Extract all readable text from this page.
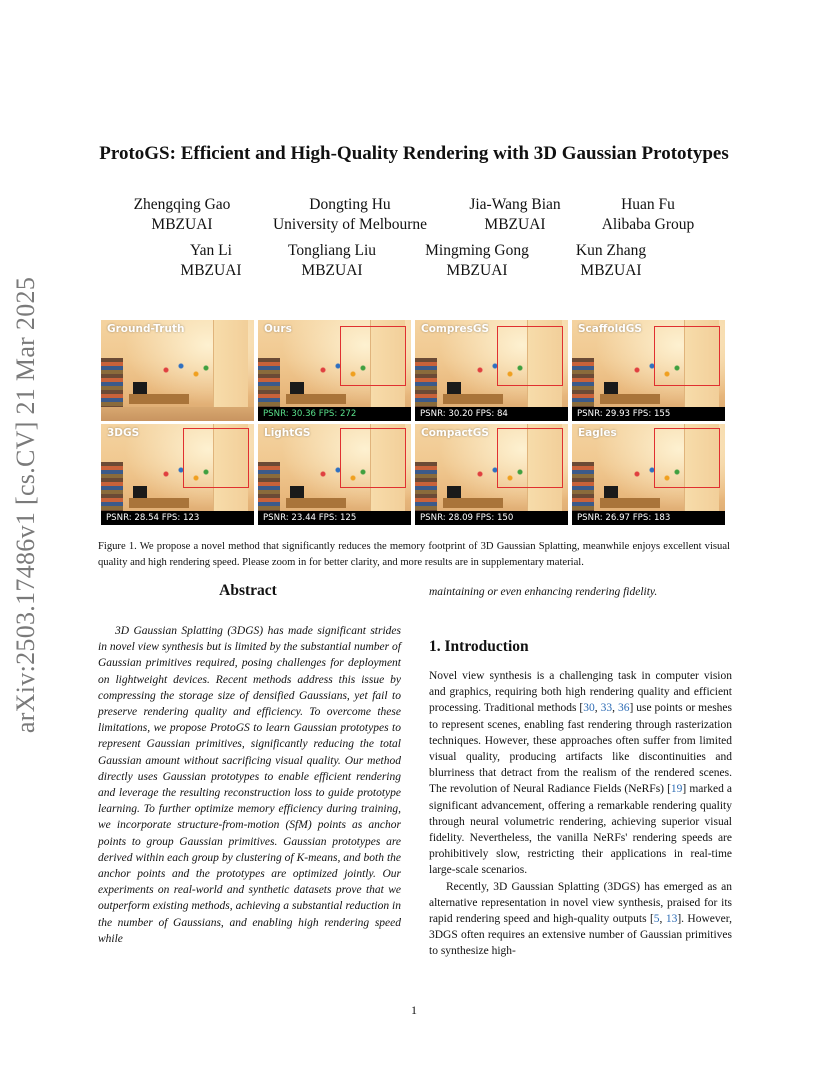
arXiv:2503.17486v1 [cs.CV] 21 Mar 2025
ProtoGS: Efficient and High-Quality Rendering with 3D Gaussian Prototypes
Zhengqing Gao
MBZUAI
Dongting Hu
University of Melbourne
Jia-Wang Bian
MBZUAI
Huan Fu
Alibaba Group
Yan Li
MBZUAI
Tongliang Liu
MBZUAI
Mingming Gong
MBZUAI
Kun Zhang
MBZUAI
Ground-Truth	Ours
PSNR: 30.36 FPS: 272
CompresGS
PSNR: 30.20 FPS: 84
ScaffoldGS
PSNR: 29.93 FPS: 155
3DGS
PSNR: 28.54 FPS: 123
LightGS
PSNR: 23.44 FPS: 125
CompactGS
PSNR: 28.09 FPS: 150
Eagles
PSNR: 26.97 FPS: 183
Figure 1. We propose a novel method that significantly reduces the memory footprint of 3D Gaussian Splatting, meanwhile enjoys excellent visual quality and high rendering speed. Please zoom in for better clarity, and more results are in supplementary material.
Abstract

3D Gaussian Splatting (3DGS) has made significant strides in novel view synthesis but is limited by the substantial number of Gaussian primitives required, posing challenges for deployment on lightweight devices. Recent methods address this issue by compressing the storage size of densified Gaussians, yet fail to preserve rendering quality and efficiency. To overcome these limitations, we propose ProtoGS to learn Gaussian prototypes to represent Gaussian primitives, significantly reducing the total Gaussian amount without sacrificing visual quality. Our method directly uses Gaussian prototypes to enable efficient rendering and leverage the resulting reconstruction loss to guide prototype learning. To further optimize memory efficiency during training, we incorporate structure-from-motion (SfM) points as anchor points to group Gaussian primitives. Gaussian prototypes are derived within each group by clustering of K-means, and both the anchor points and the prototypes are optimized jointly. Our experiments on real-world and synthetic datasets prove that we outperform existing methods, achieving a substantial reduction in the number of Gaussians, and enabling high rendering speed while

maintaining or even enhancing rendering fidelity.
1. Introduction

Novel view synthesis is a challenging task in computer vision and graphics, requiring both high rendering quality and efficient processing. Traditional methods [30, 33, 36] use points or meshes to represent scenes, enabling fast rendering through rasterization techniques. However, these approaches often suffer from limited visual quality, producing artifacts like discontinuities and blurriness that detract from the realism of the rendered scenes. The revolution of Neural Radiance Fields (NeRFs) [19] marked a significant advancement, offering a remarkable rendering quality through neural volumetric rendering, achieving superior visual fidelity. Nevertheless, the vanilla NeRFs' rendering speeds are prohibitively slow, restricting their applications in real-time large-scale scenarios.

Recently, 3D Gaussian Splatting (3DGS) has emerged as an alternative representation in novel view synthesis, praised for its rapid rendering speed and high-quality outputs [5, 13]. However, 3DGS often requires an extensive number of Gaussian primitives to synthesize high-

1
